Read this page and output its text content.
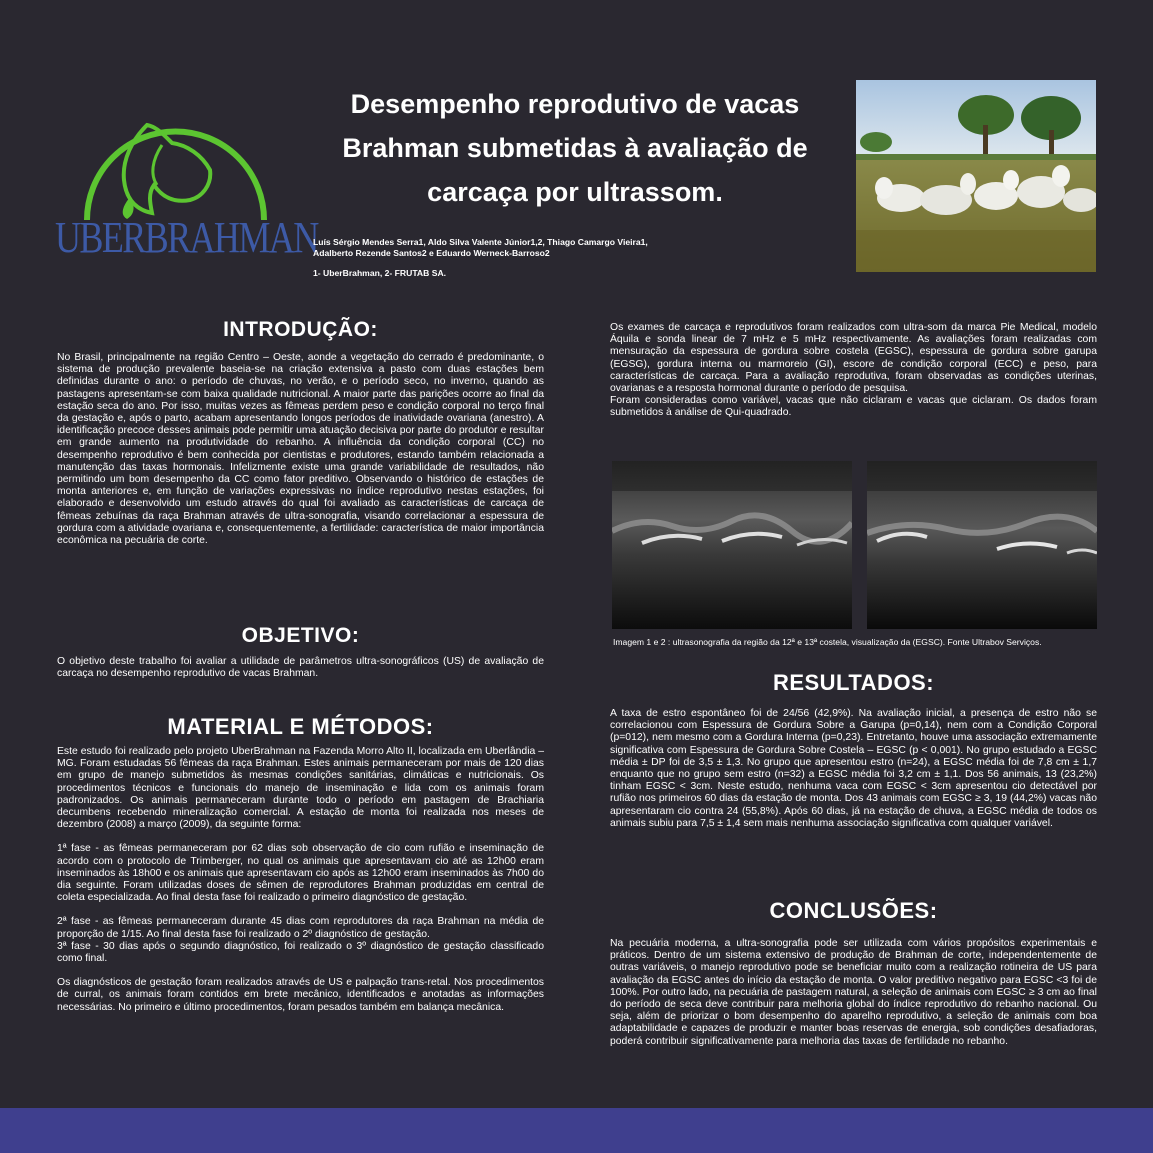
UBERBRAHMAN
Desempenho reprodutivo de vacas Brahman submetidas à avaliação de carcaça por ultrassom.
Luís Sérgio Mendes Serra1, Aldo Silva Valente Júnior1,2, Thiago Camargo Vieira1,
Adalberto Rezende Santos2 e Eduardo Werneck-Barroso2
1- UberBrahman, 2- FRUTAB SA.
INTRODUÇÃO:

No Brasil, principalmente na região Centro – Oeste, aonde a vegetação do cerrado é predominante, o sistema de produção prevalente baseia-se na criação extensiva a pasto com duas estações bem definidas durante o ano: o período de chuvas, no verão, e o período seco, no inverno, quando as pastagens apresentam-se com baixa qualidade nutricional. A maior parte das parições ocorre ao final da estação seca do ano. Por isso, muitas vezes as fêmeas perdem peso e condição corporal no terço final da gestação e, após o parto, acabam apresentando longos períodos de inatividade ovariana (anestro). A identificação precoce desses animais pode permitir uma atuação decisiva por parte do produtor e resultar em grande aumento na produtividade do rebanho. A influência da condição corporal (CC) no desempenho reprodutivo é bem conhecida por cientistas e produtores, estando também relacionada a manutenção das taxas hormonais. Infelizmente existe uma grande variabilidade de resultados, não permitindo um bom desempenho da CC como fator preditivo. Observando o histórico de estações de monta anteriores e, em função de variações expressivas no índice reprodutivo nestas estações, foi elaborado e desenvolvido um estudo através do qual foi avaliado as características de carcaça de fêmeas zebuínas da raça Brahman através de ultra-sonografia, visando correlacionar a espessura de gordura com a atividade ovariana e, consequentemente, a fertilidade: característica de maior importância econômica na pecuária de corte.

OBJETIVO:

O objetivo deste trabalho foi avaliar a utilidade de parâmetros ultra-sonográficos (US) de avaliação de carcaça no desempenho reprodutivo de vacas Brahman.

MATERIAL E MÉTODOS:

Este estudo foi realizado pelo projeto UberBrahman na Fazenda Morro Alto II, localizada em Uberlândia – MG. Foram estudadas 56 fêmeas da raça Brahman. Estes animais permaneceram por mais de 120 dias em grupo de manejo submetidos às mesmas condições sanitárias, climáticas e nutricionais. Os procedimentos técnicos e funcionais do manejo de inseminação e lida com os animais foram padronizados. Os animais permaneceram durante todo o período em pastagem de Brachiaria decumbens recebendo mineralização comercial. A estação de monta foi realizada nos meses de dezembro (2008) a março (2009), da seguinte forma:

1ª fase - as fêmeas permaneceram por 62 dias sob observação de cio com rufião e inseminação de acordo com o protocolo de Trimberger, no qual os animais que apresentavam cio até as 12h00 eram inseminados às 18h00 e os animais que apresentavam cio após as 12h00 eram inseminados às 7h00 do dia seguinte. Foram utilizadas doses de sêmen de reprodutores Brahman produzidas em central de coleta especializada. Ao final desta fase foi realizado o primeiro diagnóstico de gestação.

2ª fase - as fêmeas permaneceram durante 45 dias com reprodutores da raça Brahman na média de proporção de 1/15. Ao final desta fase foi realizado o 2º diagnóstico de gestação.

3ª fase - 30 dias após o segundo diagnóstico, foi realizado o 3º diagnóstico de gestação classificado como final.

Os diagnósticos de gestação foram realizados através de US e palpação trans-retal. Nos procedimentos de curral, os animais foram contidos em brete mecânico, identificados e anotadas as informações necessárias. No primeiro e último procedimentos, foram pesados também em balança mecânica.

Os exames de carcaça e reprodutivos foram realizados com ultra-som da marca Pie Medical, modelo Áquila e sonda linear de 7 mHz e 5 mHz respectivamente. As avaliações foram realizadas com mensuração da espessura de gordura sobre costela (EGSC), espessura de gordura sobre garupa (EGSG), gordura interna ou marmoreio (GI), escore de condição corporal (ECC) e peso, para características de carcaça. Para a avaliação reprodutiva, foram observadas as condições uterinas, ovarianas e a resposta hormonal durante o período de pesquisa.

Foram consideradas como variável, vacas que não ciclaram e vacas que ciclaram. Os dados foram submetidos à análise de Qui-quadrado.

Imagem 1 e 2 : ultrasonografia da região da 12ª e 13ª costela, visualização da (EGSC). Fonte Ultrabov Serviços.
RESULTADOS:

A taxa de estro espontâneo foi de 24/56 (42,9%). Na avaliação inicial, a presença de estro não se correlacionou com Espessura de Gordura Sobre a Garupa (p=0,14), nem com a Condição Corporal (p=012), nem mesmo com a Gordura Interna (p=0,23). Entretanto, houve uma associação extremamente significativa com Espessura de Gordura Sobre Costela – EGSC (p < 0,001). No grupo estudado a EGSC média ± DP foi de 3,5 ± 1,3. No grupo que apresentou estro (n=24), a EGSC média foi de 7,8 cm ± 1,7 enquanto que no grupo sem estro (n=32) a EGSC média foi 3,2 cm ± 1,1. Dos 56 animais, 13 (23,2%) tinham EGSC < 3cm. Neste estudo, nenhuma vaca com EGSC < 3cm apresentou cio detectável por rufião nos primeiros 60 dias da estação de monta. Dos 43 animais com EGSC ≥ 3, 19 (44,2%) vacas não apresentaram cio contra 24 (55,8%). Após 60 dias, já na estação de chuva, a EGSC média de todos os animais subiu para 7,5 ± 1,4 sem mais nenhuma associação significativa com qualquer variável.

CONCLUSÕES:

Na pecuária moderna, a ultra-sonografia pode ser utilizada com vários propósitos experimentais e práticos. Dentro de um sistema extensivo de produção de Brahman de corte, independentemente de outras variáveis, o manejo reprodutivo pode se beneficiar muito com a realização rotineira de US para avaliação da EGSC antes do início da estação de monta. O valor preditivo negativo para EGSC <3 foi de 100%. Por outro lado, na pecuária de pastagem natural, a seleção de animais com EGSC ≥ 3 cm ao final do período de seca deve contribuir para melhoria global do índice reprodutivo do rebanho nacional. Ou seja, além de priorizar o bom desempenho do aparelho reprodutivo, a seleção de animais com boa adaptabilidade e capazes de produzir e manter boas reservas de energia, sob condições desafiadoras, poderá contribuir significativamente para melhoria das taxas de fertilidade no rebanho.
